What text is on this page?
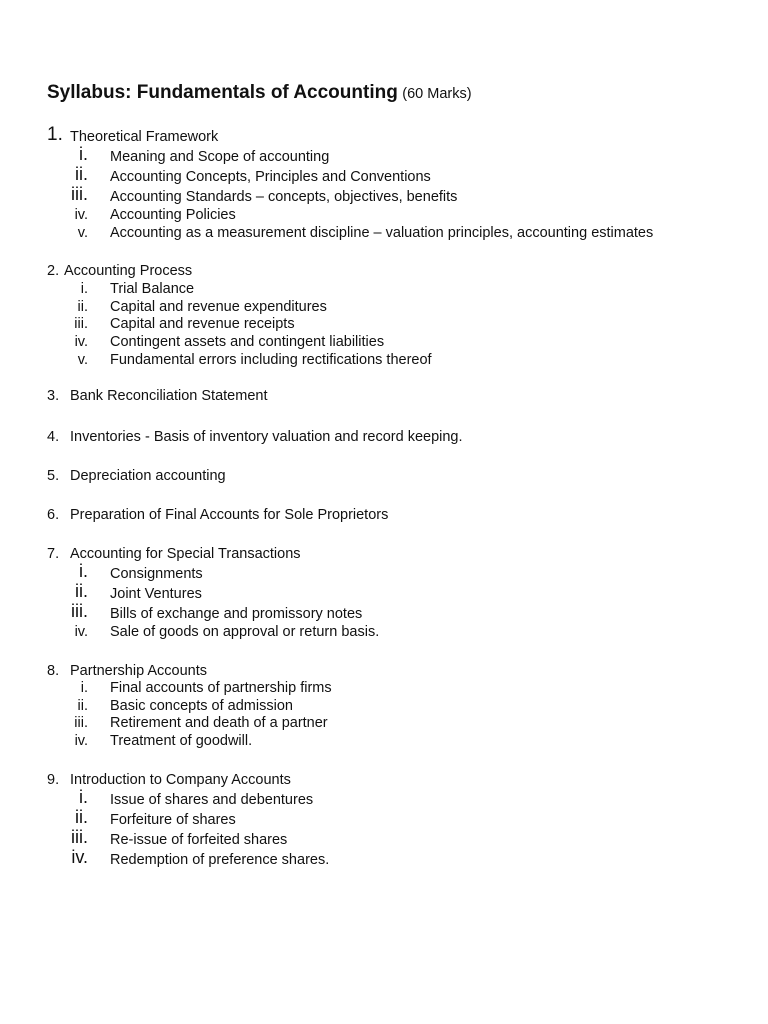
Syllabus: Fundamentals of Accounting (60 Marks)
1. Theoretical Framework
i. Meaning and Scope of accounting
ii. Accounting Concepts, Principles and Conventions
iii. Accounting Standards – concepts, objectives, benefits
iv. Accounting Policies
v. Accounting as a measurement discipline – valuation principles, accounting estimates
2. Accounting Process
i. Trial Balance
ii. Capital and revenue expenditures
iii. Capital and revenue receipts
iv. Contingent assets and contingent liabilities
v. Fundamental errors including rectifications thereof
3. Bank Reconciliation Statement
4. Inventories - Basis of inventory valuation and record keeping.
5. Depreciation accounting
6. Preparation of Final Accounts for Sole Proprietors
7. Accounting for Special Transactions
i. Consignments
ii. Joint Ventures
iii. Bills of exchange and promissory notes
iv. Sale of goods on approval or return basis.
8. Partnership Accounts
i. Final accounts of partnership firms
ii. Basic concepts of admission
iii. Retirement and death of a partner
iv. Treatment of goodwill.
9. Introduction to Company Accounts
i. Issue of shares and debentures
ii. Forfeiture of shares
iii. Re-issue of forfeited shares
iv. Redemption of preference shares.
